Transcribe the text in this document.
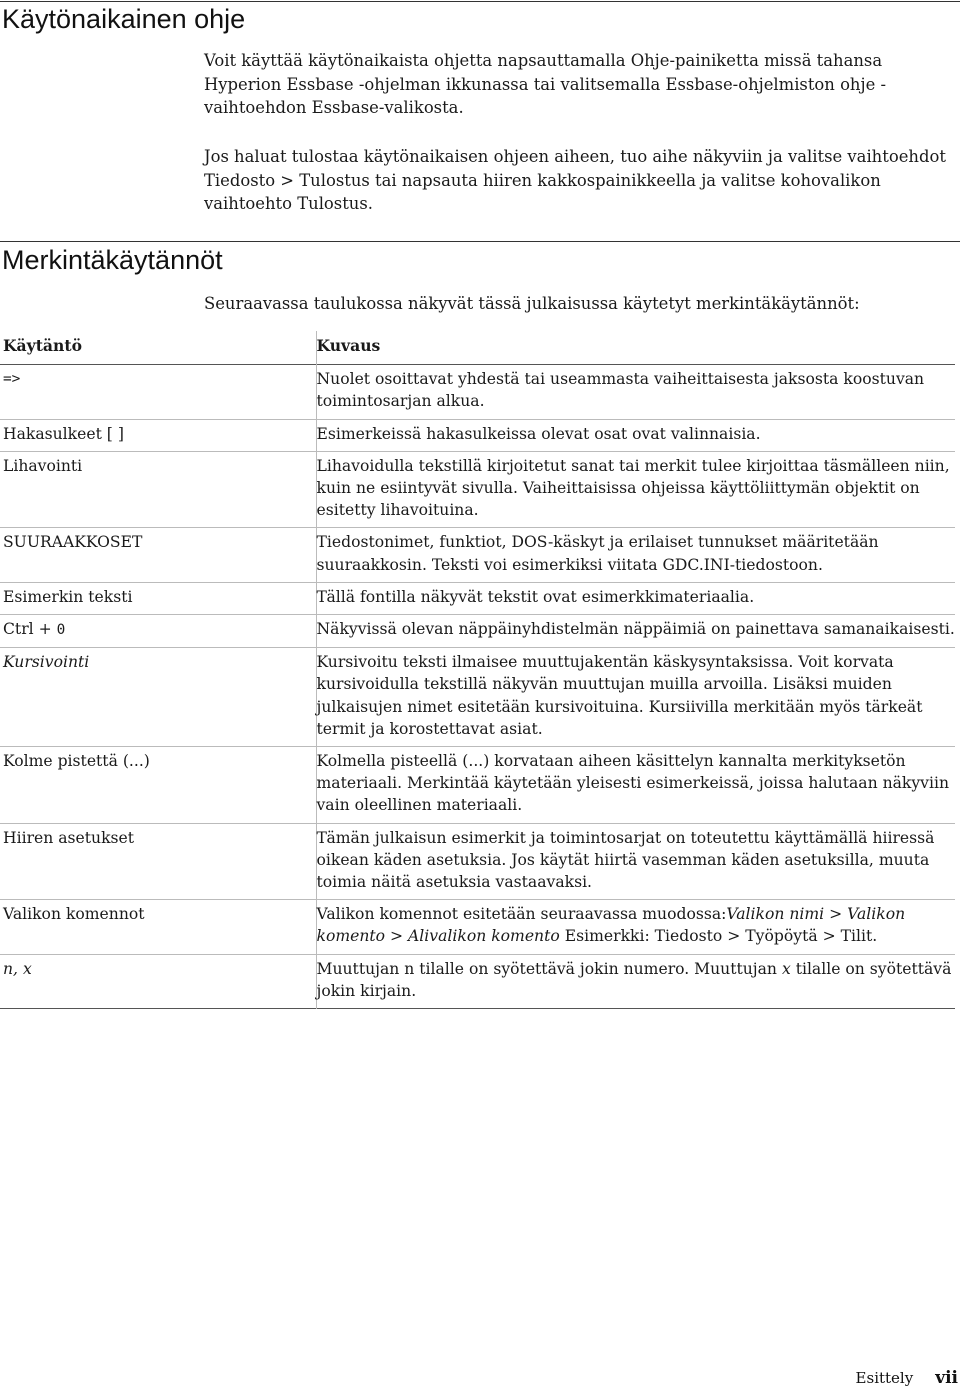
Käytönaikainen ohje

Voit käyttää käytönaikaista ohjetta napsauttamalla Ohje-painiketta missä tahansa Hyperion Essbase -ohjelman ikkunassa tai valitsemalla Essbase-ohjelmiston ohje -vaihtoehdon Essbase-valikosta.

Jos haluat tulostaa käytönaikaisen ohjeen aiheen, tuo aihe näkyviin ja valitse vaihtoehdot Tiedosto > Tulostus tai napsauta hiiren kakkospainikkeella ja valitse kohovalikon vaihtoehto Tulostus.

Merkintäkäytännöt

Seuraavassa taulukossa näkyvät tässä julkaisussa käytetyt merkintäkäytännöt:

Käytäntö	Kuvaus
=>	Nuolet osoittavat yhdestä tai useammasta vaiheittaisesta jaksosta koostuvan toimintosarjan alkua.
Hakasulkeet [ ]	Esimerkeissä hakasulkeissa olevat osat ovat valinnaisia.
Lihavointi	Lihavoidulla tekstillä kirjoitetut sanat tai merkit tulee kirjoittaa täsmälleen niin, kuin ne esiintyvät sivulla. Vaiheittaisissa ohjeissa käyttöliittymän objektit on esitetty lihavoituina.
SUURAAKKOSET	Tiedostonimet, funktiot, DOS-käskyt ja erilaiset tunnukset määritetään suuraakkosin. Teksti voi esimerkiksi viitata GDC.INI-tiedostoon.
Esimerkin teksti	Tällä fontilla näkyvät tekstit ovat esimerkkimateriaalia.
Ctrl + 0	Näkyvissä olevan näppäinyhdistelmän näppäimiä on painettava samanaikaisesti.
Kursivointi	Kursivoitu teksti ilmaisee muuttujakentän käskysyntaksissa. Voit korvata kursivoidulla tekstillä näkyvän muuttujan muilla arvoilla. Lisäksi muiden julkaisujen nimet esitetään kursivoituina. Kursiivilla merkitään myös tärkeät termit ja korostettavat asiat.
Kolme pistettä (...)	Kolmella pisteellä (...) korvataan aiheen käsittelyn kannalta merkityksetön materiaali. Merkintää käytetään yleisesti esimerkeissä, joissa halutaan näkyviin vain oleellinen materiaali.
Hiiren asetukset	Tämän julkaisun esimerkit ja toimintosarjat on toteutettu käyttämällä hiiressä oikean käden asetuksia. Jos käytät hiirtä vasemman käden asetuksilla, muuta toimia näitä asetuksia vastaavaksi.
Valikon komennot	Valikon komennot esitetään seuraavassa muodossa:Valikon nimi > Valikon komento > Alivalikon komento Esimerkki: Tiedosto > Työpöytä > Tilit.
n, x	Muuttujan n tilalle on syötettävä jokin numero. Muuttujan x tilalle on syötettävä jokin kirjain.
Esittely vii
